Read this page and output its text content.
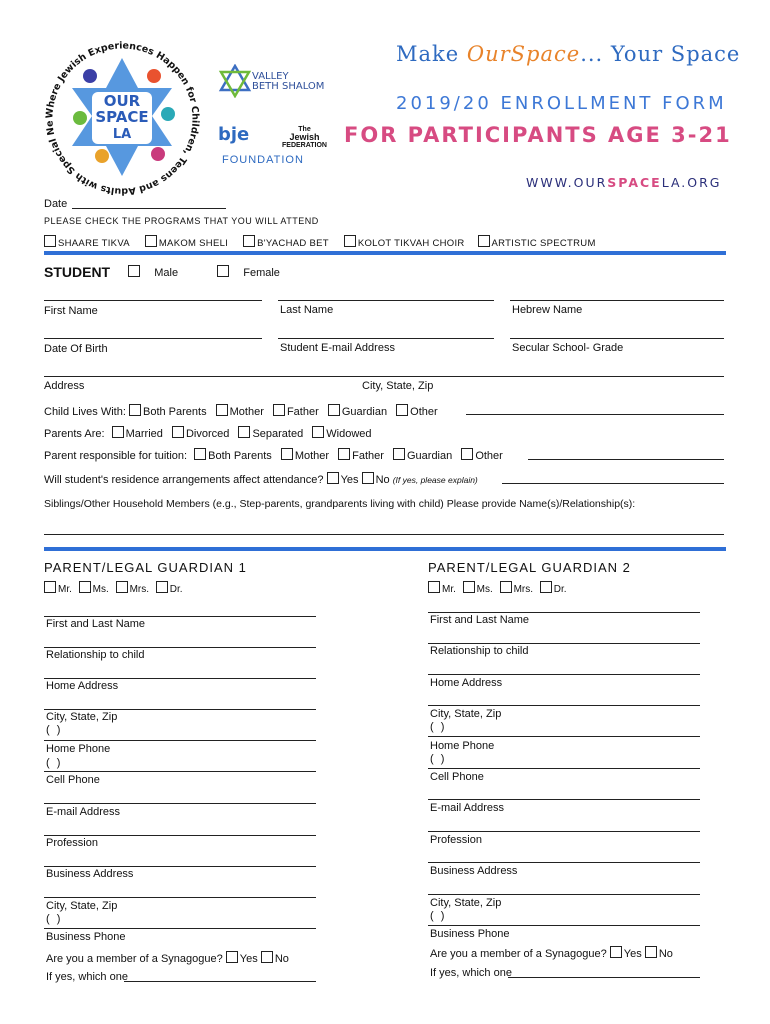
Where Jewish Experiences Happen for Children, Teens and Adults with Special Ne
OUR
SPACE
LA
VALLEY
BETH SHALOM
bje	The
Jewish
FEDERATION
FOUNDATION
Make OurSpace... Your Space
2019/20 ENROLLMENT FORM
FOR PARTICIPANTS AGE 3-21
WWW.OURSPACELA.ORG
Date
PLEASE CHECK THE PROGRAMS THAT YOU WILL ATTEND
SHAARE TIKVA	MAKOM SHELI	B'YACHAD BET	KOLOT TIKVAH CHOIR	ARTISTIC SPECTRUM
STUDENT	Male	Female
First Name	Last Name	Hebrew Name
Date Of Birth	Student E-mail Address	Secular School- Grade
Address	City, State, Zip
Child Lives With: Both Parents Mother Father Guardian Other
Parents Are: Married Divorced Separated Widowed
Parent responsible for tuition: Both Parents Mother Father Guardian Other
Will student's residence arrangements affect attendance? Yes No (If yes, please explain)
Siblings/Other Household Members (e.g., Step-parents, grandparents living with child) Please provide Name(s)/Relationship(s):
PARENT/LEGAL GUARDIAN 1
Mr. Ms. Mrs. Dr.
First and Last Name
Relationship to child
Home Address
City, State, Zip
( )
Home Phone
( )
Cell Phone
E-mail Address
Profession
Business Address
City, State, Zip
( )
Business Phone
Are you a member of a Synagogue? Yes No
If yes, which one
PARENT/LEGAL GUARDIAN 2
Mr. Ms. Mrs. Dr.
First and Last Name
Relationship to child
Home Address
City, State, Zip
( )
Home Phone
( )
Cell Phone
E-mail Address
Profession
Business Address
City, State, Zip
( )
Business Phone
Are you a member of a Synagogue? Yes No
If yes, which one
